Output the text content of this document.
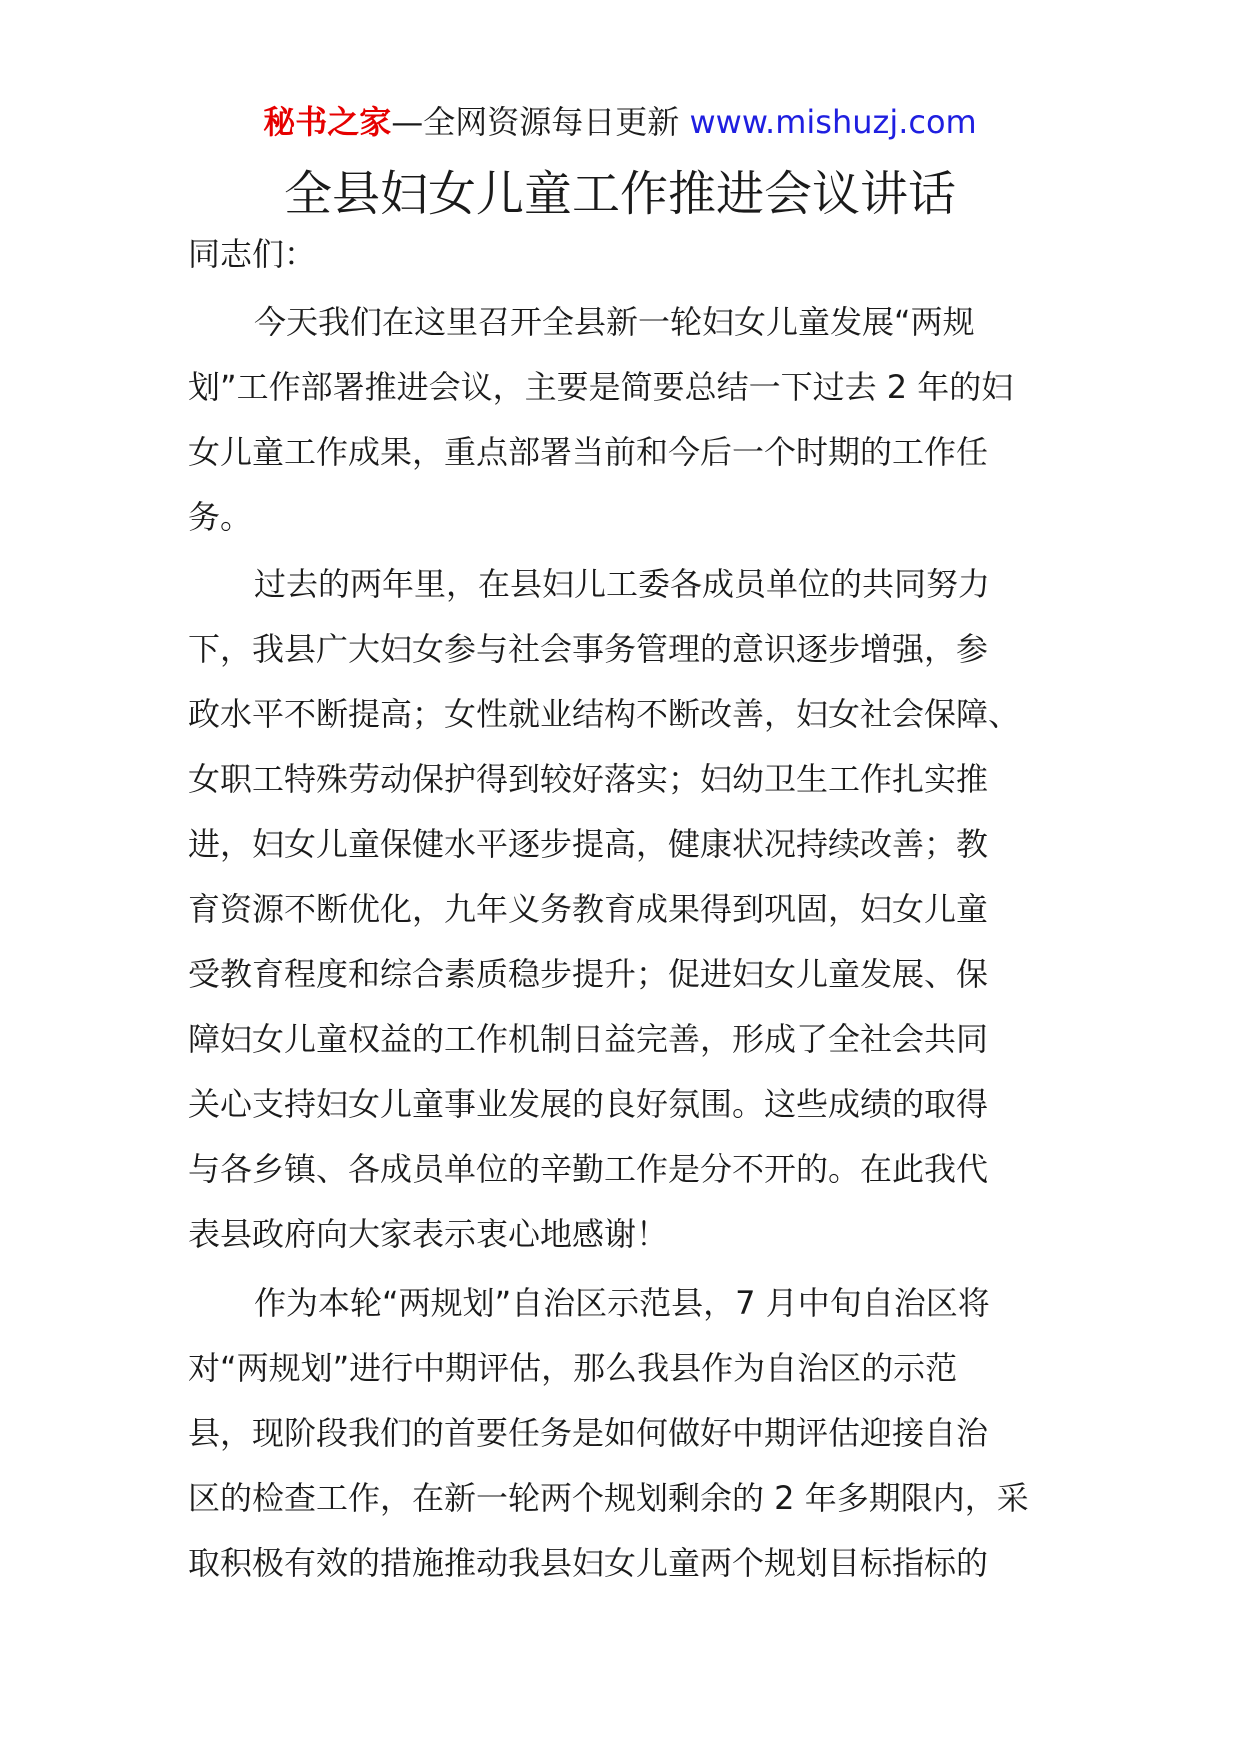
秘书之家—全网资源每日更新 www.mishuzj.com
全县妇女儿童工作推进会议讲话

同志们：

今天我们在这里召开全县新一轮妇女儿童发展“两规
划”工作部署推进会议，主要是简要总结一下过去 2 年的妇
女儿童工作成果，重点部署当前和今后一个时期的工作任
务。
过去的两年里，在县妇儿工委各成员单位的共同努力
下，我县广大妇女参与社会事务管理的意识逐步增强，参
政水平不断提高；女性就业结构不断改善，妇女社会保障、
女职工特殊劳动保护得到较好落实；妇幼卫生工作扎实推
进，妇女儿童保健水平逐步提高，健康状况持续改善；教
育资源不断优化，九年义务教育成果得到巩固，妇女儿童
受教育程度和综合素质稳步提升；促进妇女儿童发展、保
障妇女儿童权益的工作机制日益完善，形成了全社会共同
关心支持妇女儿童事业发展的良好氛围。这些成绩的取得
与各乡镇、各成员单位的辛勤工作是分不开的。在此我代
表县政府向大家表示衷心地感谢！
作为本轮“两规划”自治区示范县，7 月中旬自治区将
对“两规划”进行中期评估，那么我县作为自治区的示范
县，现阶段我们的首要任务是如何做好中期评估迎接自治
区的检查工作，在新一轮两个规划剩余的 2 年多期限内，采
取积极有效的措施推动我县妇女儿童两个规划目标指标的
